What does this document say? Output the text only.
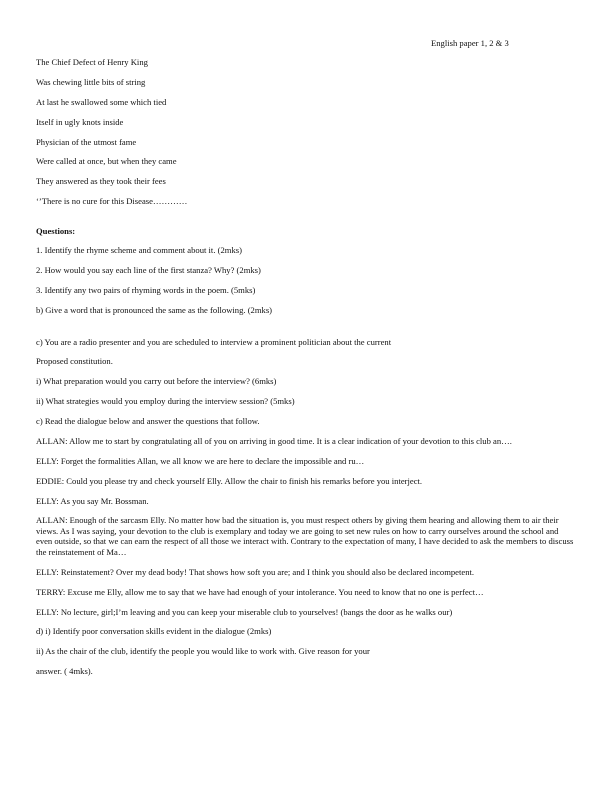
English paper 1, 2 & 3
The Chief Defect of Henry King
Was chewing little bits of string
At last he swallowed some which tied
Itself in ugly knots inside
Physician of the utmost fame
Were called at once, but when they came
They answered as they took their fees
‘’There is no cure for this Disease…………
Questions:
1. Identify the rhyme scheme and comment about it. (2mks)
2. How would you say each line of the first stanza? Why? (2mks)
3. Identify any two pairs of rhyming words in the poem. (5mks)
b) Give a word that is pronounced the same as the following. (2mks)
c) You are a radio presenter and you are scheduled to interview a prominent politician about the current
Proposed constitution.
i) What preparation would you carry out before the interview? (6mks)
ii) What strategies would you employ during the interview session? (5mks)
c) Read the dialogue below and answer the questions that follow.
ALLAN: Allow me to start by congratulating all of you on arriving in good time. It is a clear indication of your devotion to this club an….
ELLY: Forget the formalities Allan, we all know we are here to declare the impossible and ru…
EDDIE: Could you please try and check yourself Elly. Allow the chair to finish his remarks before you interject.
ELLY: As you say Mr. Bossman.
ALLAN: Enough of the sarcasm Elly. No matter how bad the situation is, you must respect others by giving them hearing and allowing them to air their views. As I was saying, your devotion to the club is exemplary and today we are going to set new rules on how to carry ourselves around the school and even outside, so that we can earn the respect of all those we interact with. Contrary to the expectation of many, I have decided to ask the members to discuss the reinstatement of Ma…
ELLY: Reinstatement? Over my dead body! That shows how soft you are; and I think you should also be declared incompetent.
TERRY: Excuse me Elly, allow me to say that we have had enough of your intolerance. You need to know that no one is perfect…
ELLY: No lecture, girl;I’m leaving and you can keep your miserable club to yourselves! (bangs the door as he walks our)
d) i) Identify poor conversation skills evident in the dialogue (2mks)
ii) As the chair of the club, identify the people you would like to work with. Give reason for your
answer. ( 4mks).
